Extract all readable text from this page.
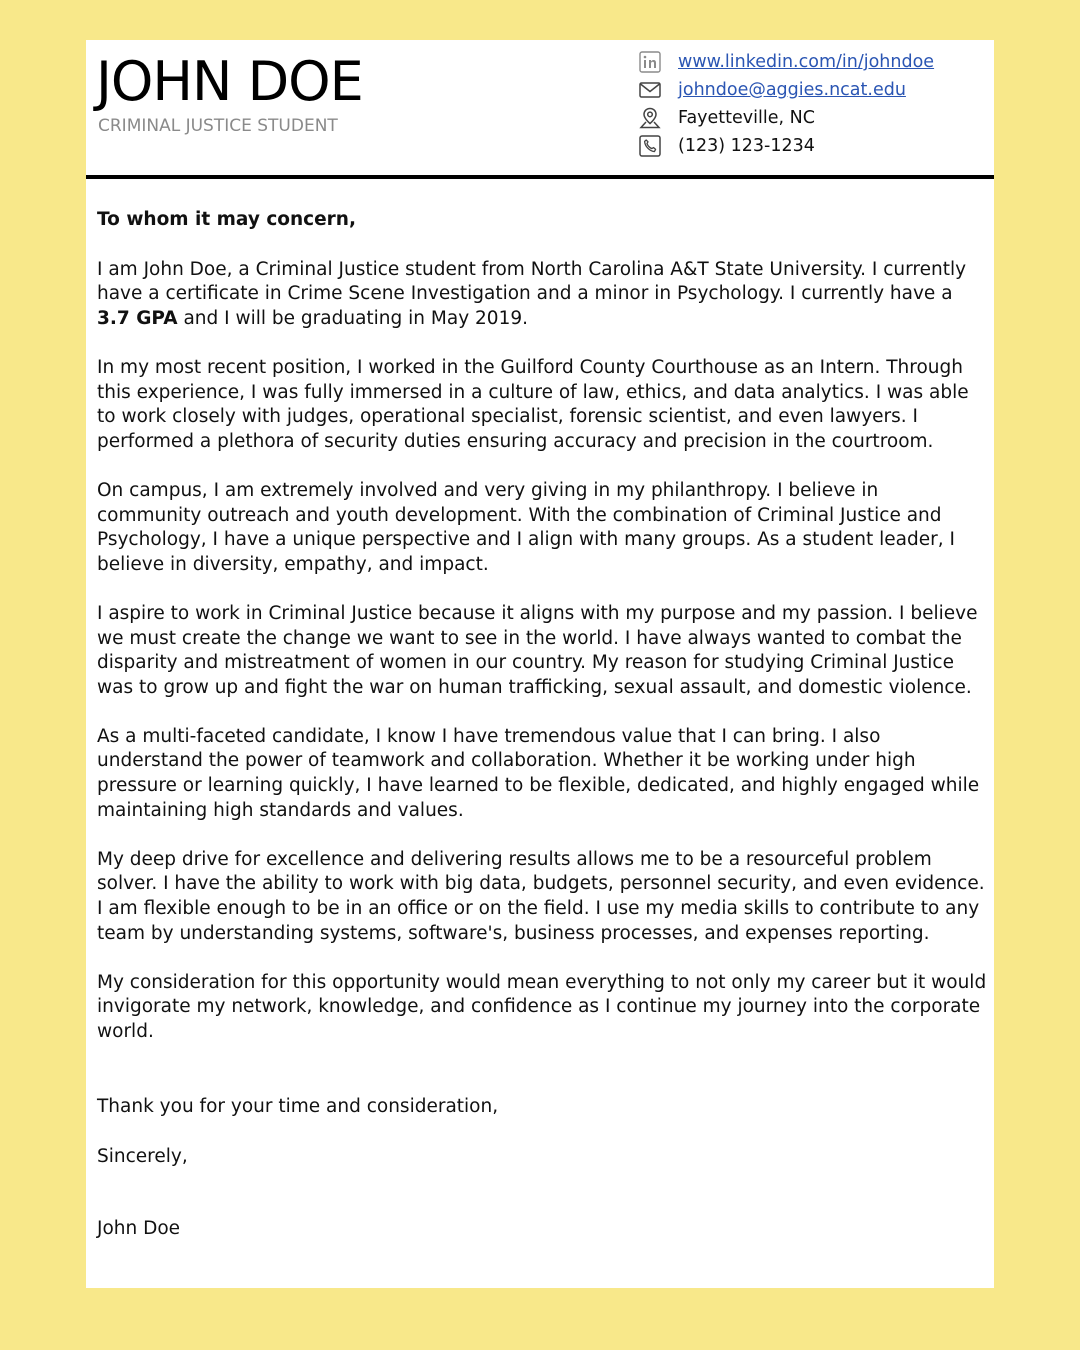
JOHN DOE
CRIMINAL JUSTICE STUDENT
www.linkedin.com/in/johndoe
johndoe@aggies.ncat.edu
Fayetteville, NC
(123) 123-1234

To whom it may concern,

I am John Doe, a Criminal Justice student from North Carolina A&T State University. I currently have a certificate in Crime Scene Investigation and a minor in Psychology. I currently have a 3.7 GPA and I will be graduating in May 2019.

In my most recent position, I worked in the Guilford County Courthouse as an Intern. Through this experience, I was fully immersed in a culture of law, ethics, and data analytics. I was able to work closely with judges, operational specialist, forensic scientist, and even lawyers. I performed a plethora of security duties ensuring accuracy and precision in the courtroom.

On campus, I am extremely involved and very giving in my philanthropy. I believe in community outreach and youth development. With the combination of Criminal Justice and Psychology, I have a unique perspective and I align with many groups. As a student leader, I believe in diversity, empathy, and impact.

I aspire to work in Criminal Justice because it aligns with my purpose and my passion. I believe we must create the change we want to see in the world. I have always wanted to combat the disparity and mistreatment of women in our country. My reason for studying Criminal Justice was to grow up and fight the war on human trafficking, sexual assault, and domestic violence.

As a multi-faceted candidate, I know I have tremendous value that I can bring. I also understand the power of teamwork and collaboration. Whether it be working under high pressure or learning quickly, I have learned to be flexible, dedicated, and highly engaged while maintaining high standards and values.

My deep drive for excellence and delivering results allows me to be a resourceful problem solver. I have the ability to work with big data, budgets, personnel security, and even evidence. I am flexible enough to be in an office or on the field. I use my media skills to contribute to any team by understanding systems, software's, business processes, and expenses reporting.

My consideration for this opportunity would mean everything to not only my career but it would invigorate my network, knowledge, and confidence as I continue my journey into the corporate world.

Thank you for your time and consideration,
Sincerely,
John Doe
